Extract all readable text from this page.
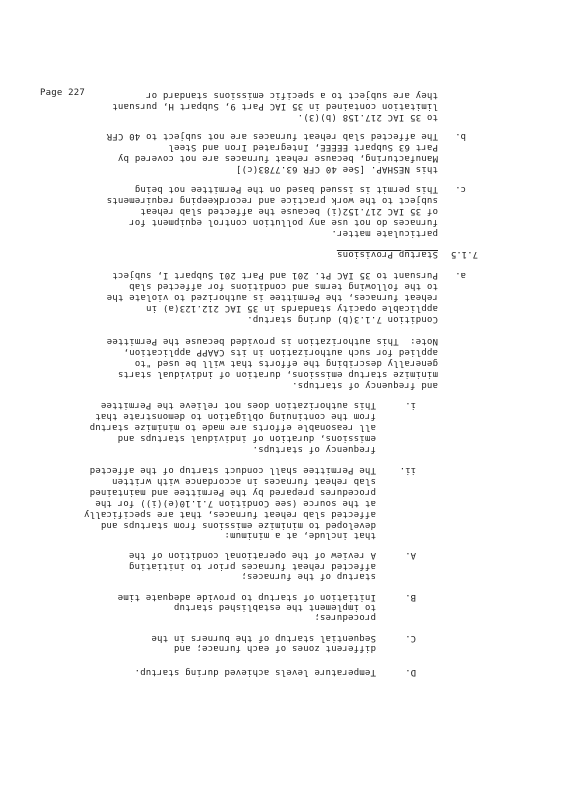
Page 227
Temperature levels achieved during startup.	D.
different zones of each furnace; and
Sequential startup of the burners in the	C.
procedures;
to implement the established startup
Initiation of startup to provide adequate time	B.
startup of the furnaces;
affected reheat furnaces prior to initiating
A review of the operational condition of the	A.
that include, at a minimum:
developed to minimize emissions from startups and
affected slab reheat furnaces, that are specifically
at the source (see Condition 7.1.10(e)(i)) for the
procedures prepared by the Permittee and maintained
slab reheat furnaces in accordance with written
The Permittee shall conduct startup of the affected	ii.
frequency of startups.
emissions, duration of individual startups and
all reasonable efforts are made to minimize startup
from the continuing obligation to demonstrate that
This authorization does not relieve the Permittee	i.
and frequency of startups.
minimize startup emissions, duration of individual starts
generally describing the efforts that will be used "to
applied for such authorization in its CAAPP application,
Note:  This authorization is provided because the Permittee
Condition 7.1.3(b) during startup.
applicable opacity standards in 35 IAC 212.123(a) in
reheat furnaces, the Permittee is authorized to violate the
to the following terms and conditions for affected slab
Pursuant to 35 IAC Pt. 201 and Part 201 Subpart I, subject a.
7.1.5
Startup Provisions
particulate matter.
furnaces do not use any pollution control equipment for
of 35 IAC 217.152(i) because the affected slab reheat
subject to the work practice and recordkeeping requirements
This permit is issued based on the Permittee not being c.
this NESHAP. [See 40 CFR 63.7783(c)]
Manufacturing, because reheat furnaces are not covered by
Part 63 Subpart EEEEE, Integrated Iron and Steel
The affected slab reheat furnaces are not subject to 40 CFR b.
to 35 IAC 217.158 (b)(3).
limitation contained in 35 IAC Part 9, Subpart H, pursuant
they are subject to a specific emissions standard or
